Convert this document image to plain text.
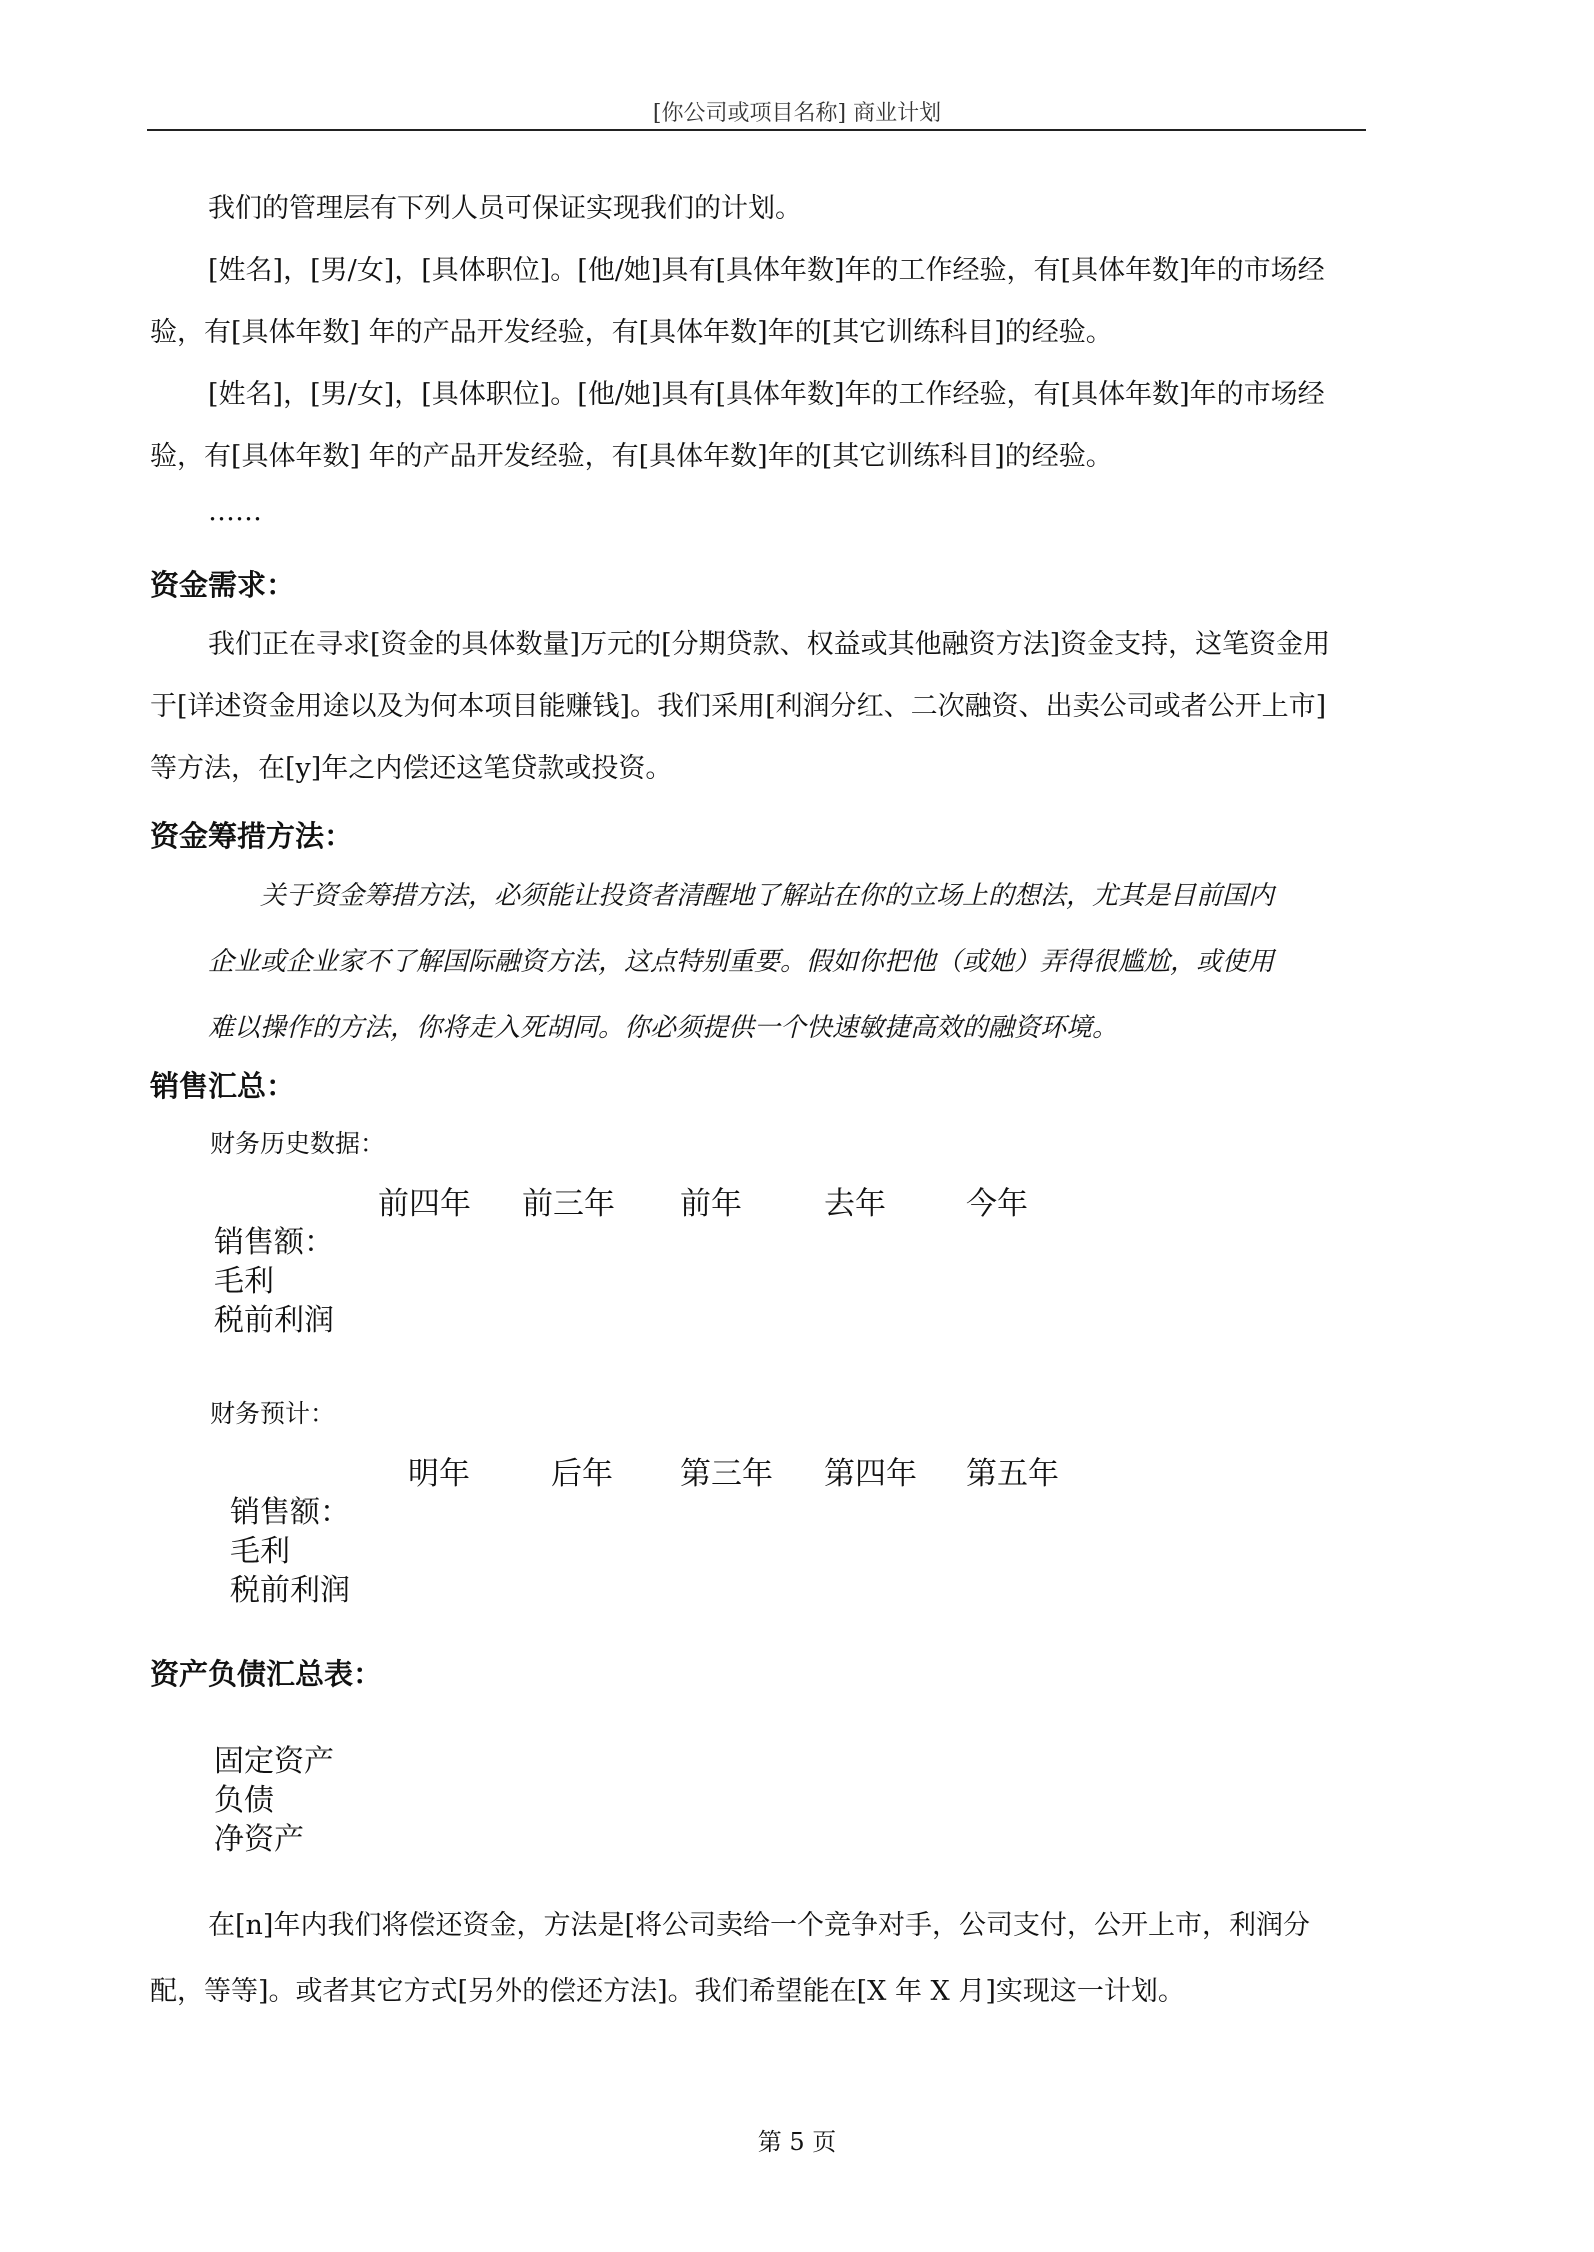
[你公司或项目名称] 商业计划
我们的管理层有下列人员可保证实现我们的计划。
[姓名]，[男/女]，[具体职位]。[他/她]具有[具体年数]年的工作经验，有[具体年数]年的市场经
验，有[具体年数] 年的产品开发经验，有[具体年数]年的[其它训练科目]的经验。
[姓名]，[男/女]，[具体职位]。[他/她]具有[具体年数]年的工作经验，有[具体年数]年的市场经
验，有[具体年数] 年的产品开发经验，有[具体年数]年的[其它训练科目]的经验。
……
资金需求：
我们正在寻求[资金的具体数量]万元的[分期贷款、权益或其他融资方法]资金支持，这笔资金用
于[详述资金用途以及为何本项目能赚钱]。我们采用[利润分红、二次融资、出卖公司或者公开上市]
等方法，在[y]年之内偿还这笔贷款或投资。
资金筹措方法：
关于资金筹措方法，必须能让投资者清醒地了解站在你的立场上的想法，尤其是目前国内
企业或企业家不了解国际融资方法，这点特别重要。假如你把他（或她）弄得很尴尬，或使用
难以操作的方法，你将走入死胡同。你必须提供一个快速敏捷高效的融资环境。
销售汇总：
财务历史数据：
前四年 前三年 前年	去年	今年
销售额：
毛利
税前利润
财务预计：
明年	后年 第三年 第四年 第五年
销售额：
毛利
税前利润
资产负债汇总表：
固定资产
负债
净资产
在[n]年内我们将偿还资金，方法是[将公司卖给一个竞争对手，公司支付，公开上市，利润分
配，等等]。或者其它方式[另外的偿还方法]。我们希望能在[X 年 X 月]实现这一计划。
第 5 页
